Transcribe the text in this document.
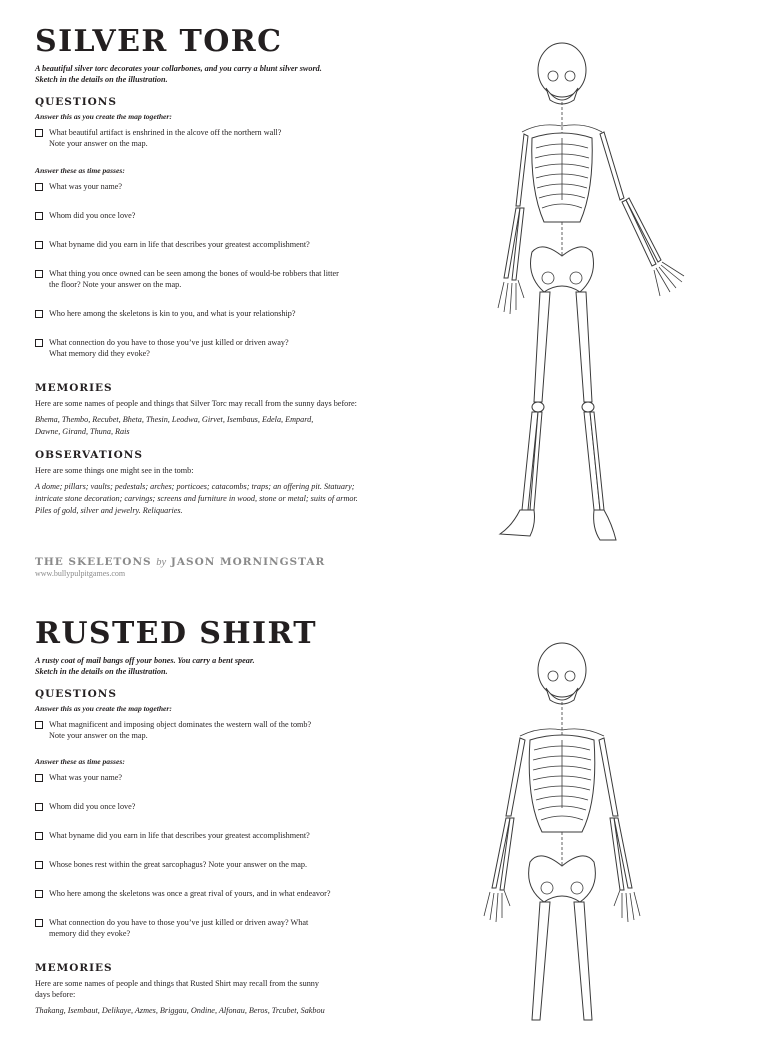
SILVER TORC
A beautiful silver torc decorates your collarbones, and you carry a blunt silver sword.
Sketch in the details on the illustration.
QUESTIONS
Answer this as you create the map together:
What beautiful artifact is enshrined in the alcove off the northern wall?
Note your answer on the map.
Answer these as time passes:
What was your name?
Whom did you once love?
What byname did you earn in life that describes your greatest accomplishment?
What thing you once owned can be seen among the bones of would-be robbers that litter
the floor? Note your answer on the map.
Who here among the skeletons is kin to you, and what is your relationship?
What connection do you have to those you’ve just killed or driven away?
What memory did they evoke?
MEMORIES
Here are some names of people and things that Silver Torc may recall from the sunny days before:
Bhema, Thembo, Recubet, Bheta, Thesin, Leodwa, Girvet, Isembaus, Edela, Empard,
Dawne, Girand, Thuna, Rais
OBSERVATIONS
Here are some things one might see in the tomb:
A dome; pillars; vaults; pedestals; arches; porticoes; catacombs; traps; an offering pit. Statuary;
intricate stone decoration; carvings; screens and furniture in wood, stone or metal; suits of armor.
Piles of gold, silver and jewelry. Reliquaries.
THE SKELETONS by JASON MORNINGSTAR
www.bullypulpitgames.com
RUSTED SHIRT
A rusty coat of mail bangs off your bones. You carry a bent spear.
Sketch in the details on the illustration.
QUESTIONS
Answer this as you create the map together:
What magnificent and imposing object dominates the western wall of the tomb?
Note your answer on the map.
Answer these as time passes:
What was your name?
Whom did you once love?
What byname did you earn in life that describes your greatest accomplishment?
Whose bones rest within the great sarcophagus? Note your answer on the map.
Who here among the skeletons was once a great rival of yours, and in what endeavor?
What connection do you have to those you’ve just killed or driven away? What
memory did they evoke?
MEMORIES
Here are some names of people and things that Rusted Shirt may recall from the sunny
days before:
Thakang, Isembaut, Delikaye, Azmes, Briggau, Ondine, Alfonau, Beros, Trcubet, Sakbou
